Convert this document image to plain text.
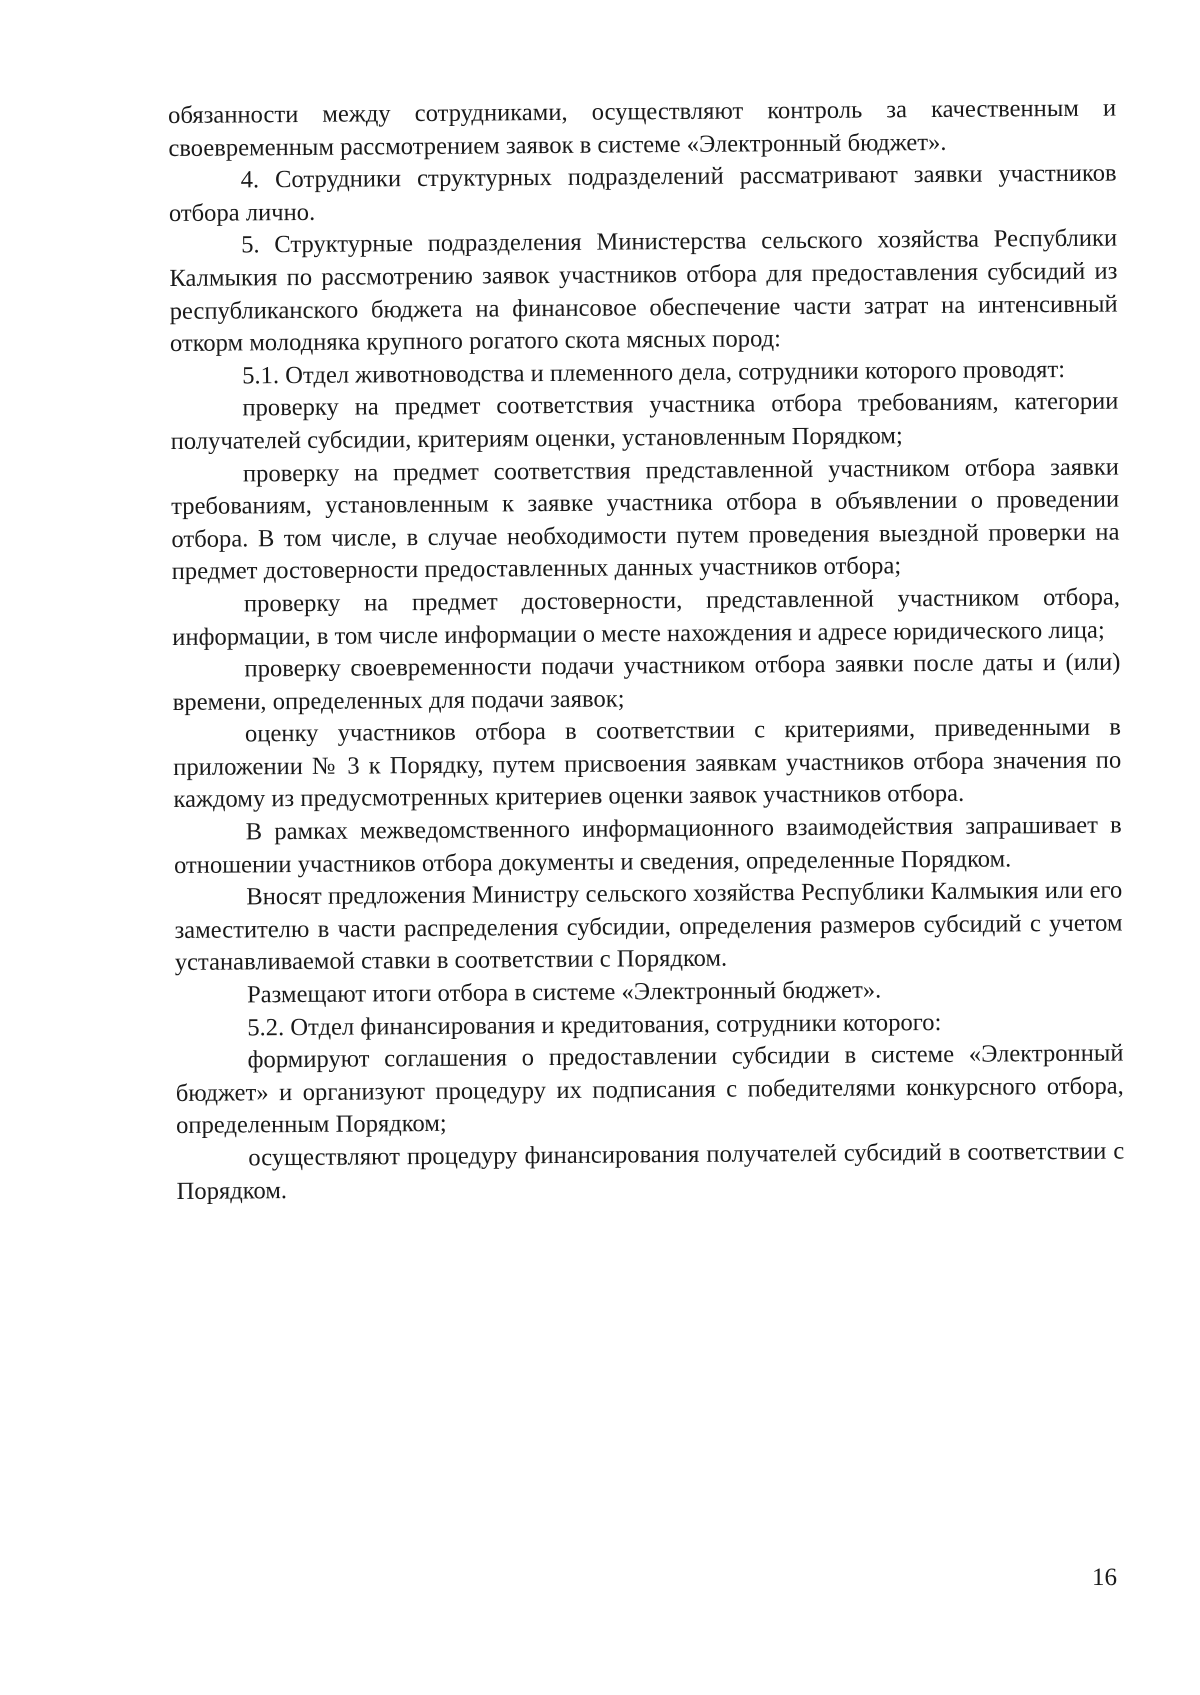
обязанности между сотрудниками, осуществляют контроль за качественным и своевременным рассмотрением заявок в системе «Электронный бюджет».

4. Сотрудники структурных подразделений рассматривают заявки участников отбора лично.

5. Структурные подразделения Министерства сельского хозяйства Республики Калмыкия по рассмотрению заявок участников отбора для предоставления субсидий из республиканского бюджета на финансовое обеспечение части затрат на интенсивный откорм молодняка крупного рогатого скота мясных пород:

5.1. Отдел животноводства и племенного дела, сотрудники которого проводят:

проверку на предмет соответствия участника отбора требованиям, категории получателей субсидии, критериям оценки, установленным Порядком;

проверку на предмет соответствия представленной участником отбора заявки требованиям, установленным к заявке участника отбора в объявлении о проведении отбора. В том числе, в случае необходимости путем проведения выездной проверки на предмет достоверности предоставленных данных участников отбора;

проверку на предмет достоверности, представленной участником отбора, информации, в том числе информации о месте нахождения и адресе юридического лица;

проверку своевременности подачи участником отбора заявки после даты и (или) времени, определенных для подачи заявок;

оценку участников отбора в соответствии с критериями, приведенными в приложении № 3 к Порядку, путем присвоения заявкам участников отбора значения по каждому из предусмотренных критериев оценки заявок участников отбора.

В рамках межведомственного информационного взаимодействия запрашивает в отношении участников отбора документы и сведения, определенные Порядком.

Вносят предложения Министру сельского хозяйства Республики Калмыкия или его заместителю в части распределения субсидии, определения размеров субсидий с учетом устанавливаемой ставки в соответствии с Порядком.

Размещают итоги отбора в системе «Электронный бюджет».

5.2. Отдел финансирования и кредитования, сотрудники которого:

формируют соглашения о предоставлении субсидии в системе «Электронный бюджет» и организуют процедуру их подписания с победителями конкурсного отбора, определенным Порядком;

осуществляют процедуру финансирования получателей субсидий в соответствии с Порядком.

16
